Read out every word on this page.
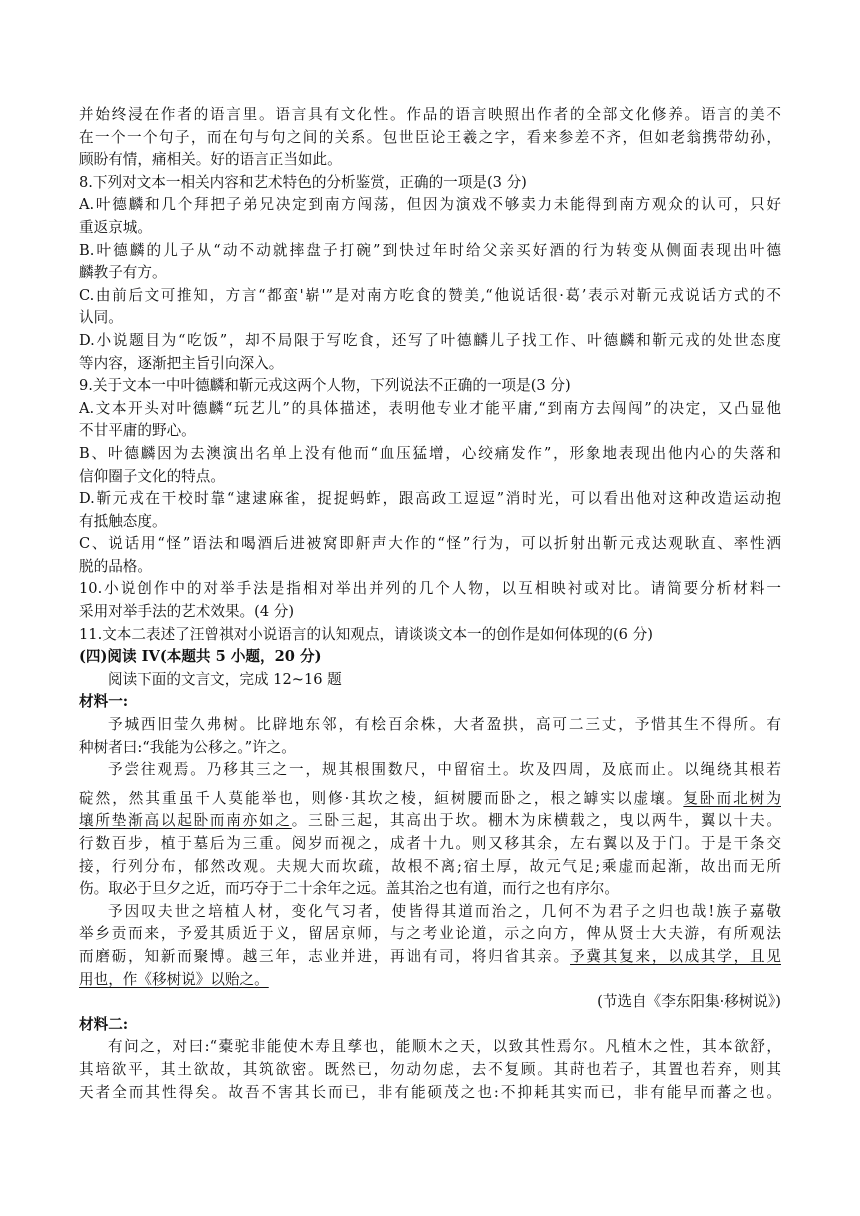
并始终浸在作者的语言里。语言具有文化性。作品的语言映照出作者的全部文化修养。语言的美不
在一个一个句子，而在句与句之间的关系。包世臣论王羲之字，看来参差不齐，但如老翁携带幼孙，
顾盼有情，痛相关。好的语言正当如此。
8.下列对文本一相关内容和艺术特色的分析鉴赏，正确的一项是(3 分)
A.叶德麟和几个拜把子弟兄决定到南方闯荡，但因为演戏不够卖力未能得到南方观众的认可，只好
重返京城。
B.叶德麟的儿子从“动不动就摔盘子打碗”到快过年时给父亲买好酒的行为转变从侧面表现出叶德
麟教子有方。
C.由前后文可推知，方言“都蛮'崭'”是对南方吃食的赞美,“他说话很·葛’表示对靳元戎说话方式的不
认同。
D.小说题目为“吃饭”，却不局限于写吃食，还写了叶德麟儿子找工作、叶德麟和靳元戎的处世态度
等内容，逐渐把主旨引向深入。
9.关于文本一中叶德麟和靳元戎这两个人物，下列说法不正确的一项是(3 分)
A.文本开头对叶德麟“玩艺儿”的具体描述，表明他专业才能平庸,“到南方去闯闯”的决定，又凸显他
不甘平庸的野心。
B、叶德麟因为去澳演出名单上没有他而“血压猛增，心绞痛发作”，形象地表现出他内心的失落和
信仰圈子文化的特点。
D.靳元戎在干校时靠“逮逮麻雀，捉捉蚂蚱，跟高政工逗逗”消时光，可以看出他对这种改造运动抱
有抵触态度。
C、说话用“怪”语法和喝酒后进被窝即鼾声大作的“怪”行为，可以折射出靳元戎达观耿直、率性洒
脱的品格。
10.小说创作中的对举手法是指相对举出并列的几个人物，以互相映衬或对比。请简要分析材料一
采用对举手法的艺术效果。(4 分)
11.文本二表述了汪曾祺对小说语言的认知观点，请谈谈文本一的创作是如何体现的(6 分)
(四)阅读 IV(本题共 5 小题，20 分)
阅读下面的文言文，完成 12~16 题
材料一:
予城西旧莹久弗树。比辟地东邻，有桧百余株，大者盈拱，高可二三丈，予惜其生不得所。有
种树者曰:“我能为公移之。”许之。
予尝往观焉。乃移其三之一，规其根围数尺，中留宿土。坎及四周，及底而止。以绳绕其根若
碇然，然其重虽千人莫能举也，则修·其坎之棱，絙树腰而卧之，根之罅实以虚壤。复卧而北树为
壤所垫渐高以起卧而南亦如之。三卧三起，其高出于坎。棚木为床横载之，曳以两牛，翼以十夫。
行数百步，植于墓后为三重。阅岁而视之，成者十九。则又移其余，左右翼以及于门。于是干条交
接，行列分布，郁然改观。夫规大而坎疏，故根不离;宿土厚，故元气足;乘虚而起渐，故出而无所
伤。取必于旦夕之近，而巧夺于二十余年之远。盖其治之也有道，而行之也有序尔。
予因叹夫世之培植人材，变化气习者，使皆得其道而治之，几何不为君子之归也哉!族子嘉敬
举乡贡而来，予爱其质近于义，留居京师，与之考业论道，示之向方，俾从贤士大夫游，有所观法
而磨砺，知新而聚博。越三年，志业并进，再诎有司，将归省其亲。予冀其复来，以成其学，且见
用也，作《移树说》以贻之。
(节选自《李东阳集·移树说》)
材料二:
有问之，对曰:“橐驼非能使木寿且孳也，能顺木之天，以致其性焉尔。凡植木之性，其本欲舒，
其培欲平，其土欲故，其筑欲密。既然已，勿动勿虑，去不复顾。其莳也若子，其置也若弃，则其
天者全而其性得矣。故吾不害其长而已，非有能硕茂之也:不抑耗其实而已，非有能早而蕃之也。
